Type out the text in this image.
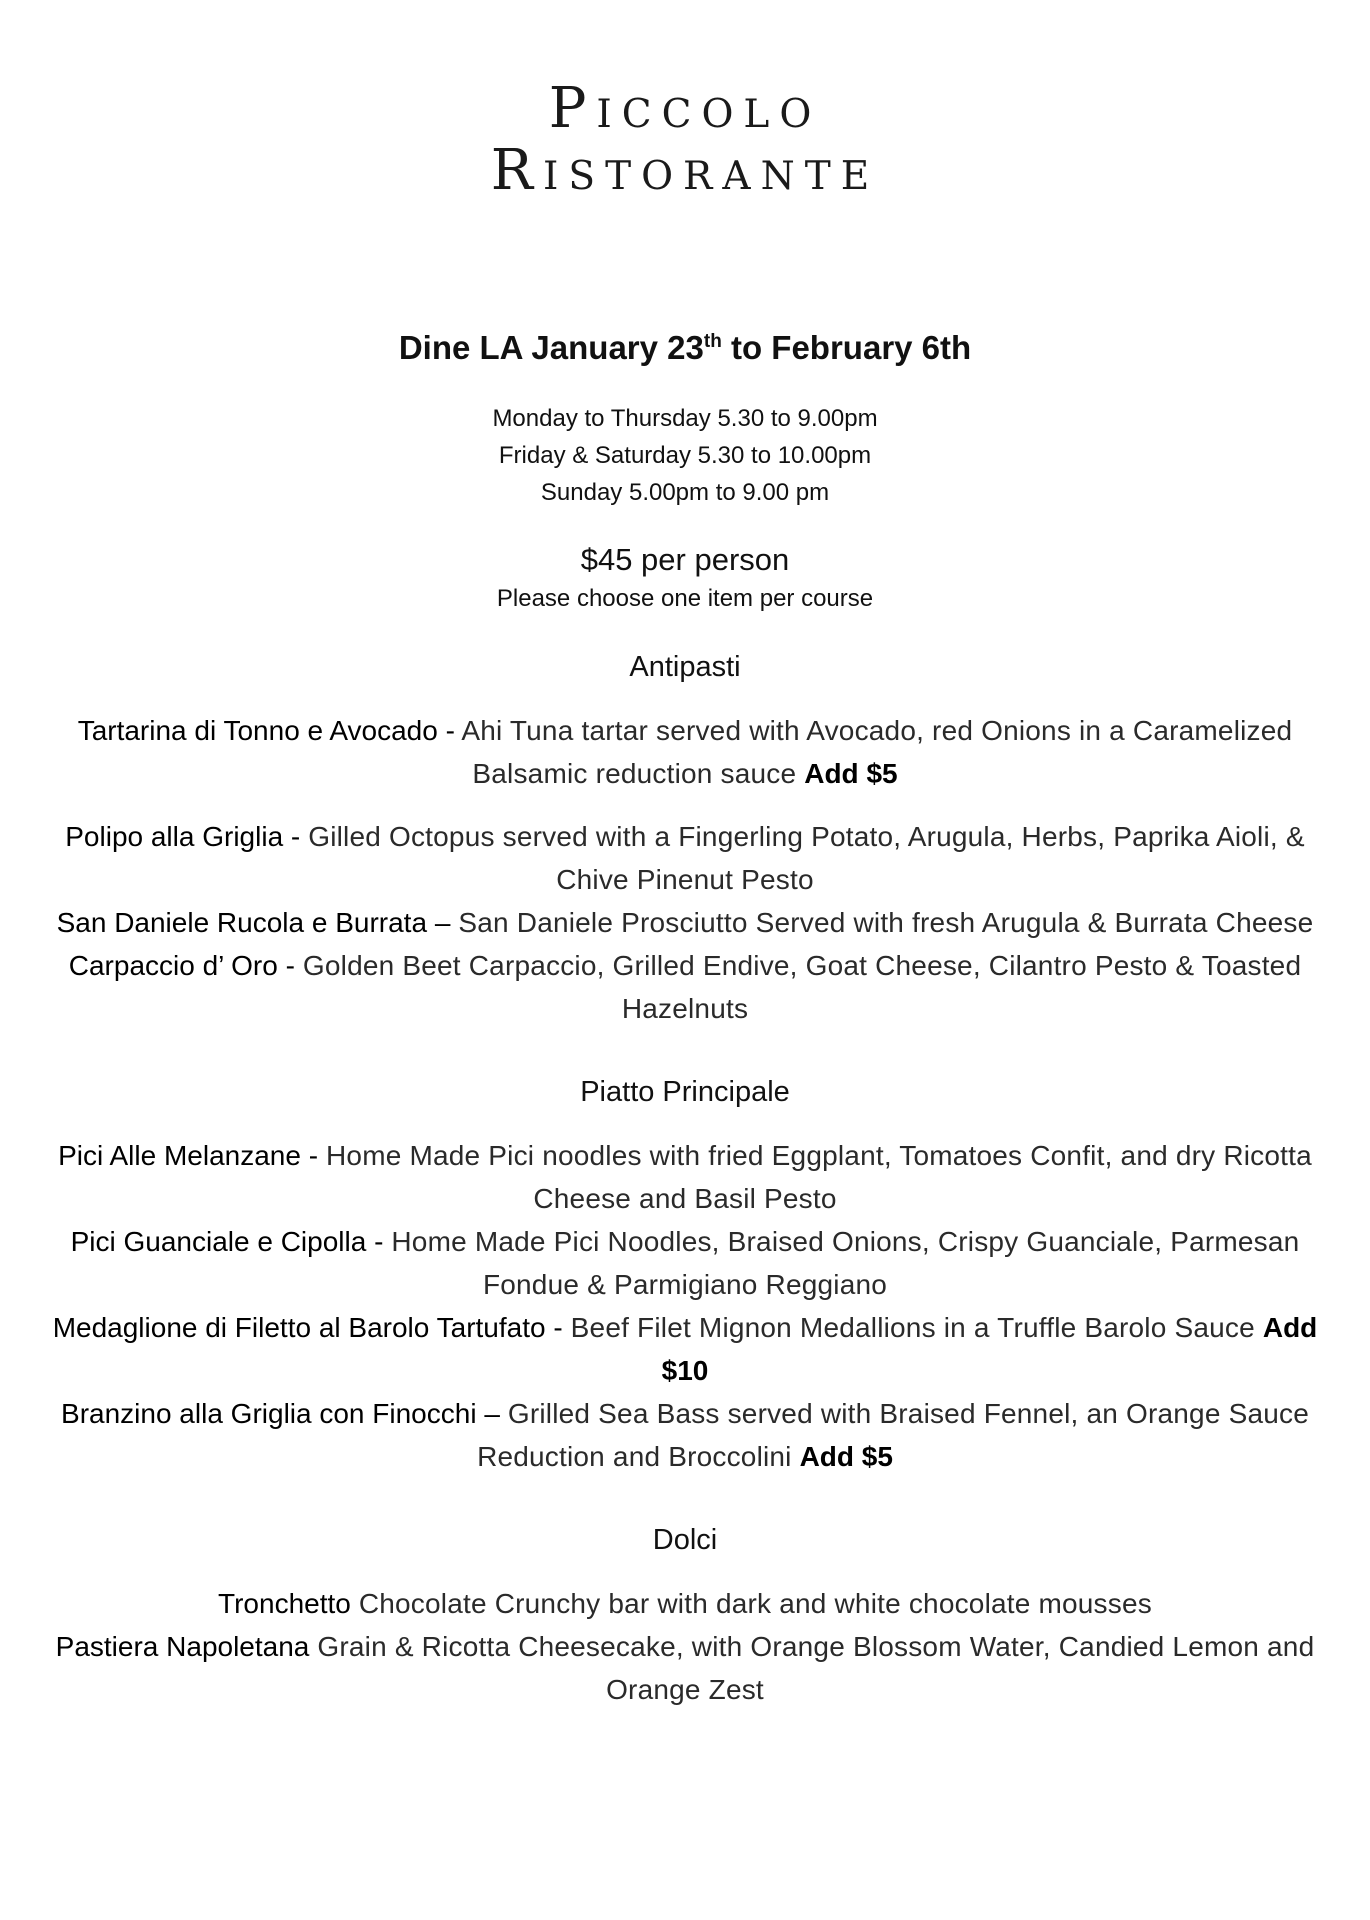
Piccolo
Ristorante
Dine LA January 23th to February 6th
Monday to Thursday 5.30 to 9.00pm
Friday & Saturday 5.30 to 10.00pm
Sunday 5.00pm to 9.00 pm
$45 per person
Please choose one item per course
Antipasti

Tartarina di Tonno e Avocado - Ahi Tuna tartar served with Avocado, red Onions in a Caramelized Balsamic reduction sauce Add $5

Polipo alla Griglia - Gilled Octopus served with a Fingerling Potato, Arugula, Herbs, Paprika Aioli, & Chive Pinenut Pesto

San Daniele Rucola e Burrata – San Daniele Prosciutto Served with fresh Arugula & Burrata Cheese

Carpaccio d’ Oro - Golden Beet Carpaccio, Grilled Endive, Goat Cheese, Cilantro Pesto & Toasted Hazelnuts

Piatto Principale

Pici Alle Melanzane - Home Made Pici noodles with fried Eggplant, Tomatoes Confit, and dry Ricotta Cheese and Basil Pesto

Pici Guanciale e Cipolla - Home Made Pici Noodles, Braised Onions, Crispy Guanciale, Parmesan Fondue & Parmigiano Reggiano

Medaglione di Filetto al Barolo Tartufato - Beef Filet Mignon Medallions in a Truffle Barolo Sauce Add $10

Branzino alla Griglia con Finocchi – Grilled Sea Bass served with Braised Fennel, an Orange Sauce Reduction and Broccolini Add $5

Dolci

Tronchetto Chocolate Crunchy bar with dark and white chocolate mousses

Pastiera Napoletana Grain & Ricotta Cheesecake, with Orange Blossom Water, Candied Lemon and Orange Zest
